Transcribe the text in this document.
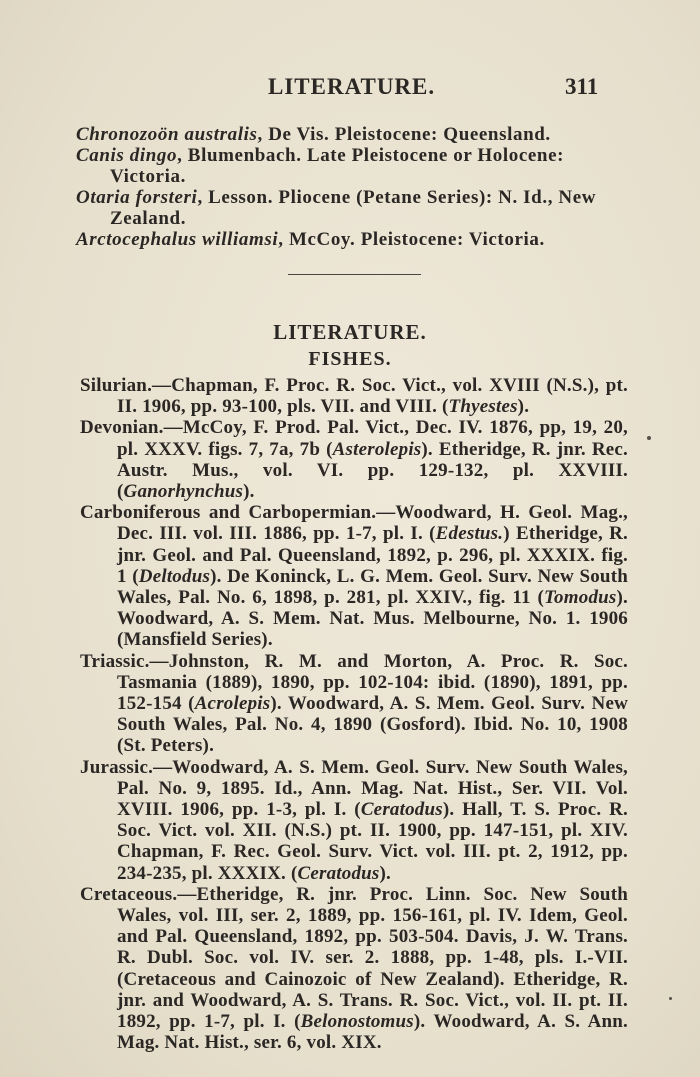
LITERATURE.	311

Chronozoön australis, De Vis. Pleistocene: Queensland.

Canis dingo, Blumenbach. Late Pleistocene or Holocene: Victoria.

Otaria forsteri, Lesson. Pliocene (Petane Series): N. Id., New Zealand.

Arctocephalus williamsi, McCoy. Pleistocene: Victoria.

LITERATURE.
FISHES.

Silurian.—Chapman, F. Proc. R. Soc. Vict., vol. XVIII (N.S.), pt. II. 1906, pp. 93-100, pls. VII. and VIII. (Thyestes).

Devonian.—McCoy, F. Prod. Pal. Vict., Dec. IV. 1876, pp, 19, 20, pl. XXXV. figs. 7, 7a, 7b (Asterolepis). Etheridge, R. jnr. Rec. Austr. Mus., vol. VI. pp. 129-132, pl. XXVIII. (Ganorhynchus).

Carboniferous and Carbopermian.—Woodward, H. Geol. Mag., Dec. III. vol. III. 1886, pp. 1-7, pl. I. (Edestus.) Etheridge, R. jnr. Geol. and Pal. Queensland, 1892, p. 296, pl. XXXIX. fig. 1 (Deltodus). De Koninck, L. G. Mem. Geol. Surv. New South Wales, Pal. No. 6, 1898, p. 281, pl. XXIV., fig. 11 (Tomodus). Woodward, A. S. Mem. Nat. Mus. Melbourne, No. 1. 1906 (Mansfield Series).

Triassic.—Johnston, R. M. and Morton, A. Proc. R. Soc. Tasmania (1889), 1890, pp. 102-104: ibid. (1890), 1891, pp. 152-154 (Acrolepis). Woodward, A. S. Mem. Geol. Surv. New South Wales, Pal. No. 4, 1890 (Gosford). Ibid. No. 10, 1908 (St. Peters).

Jurassic.—Woodward, A. S. Mem. Geol. Surv. New South Wales, Pal. No. 9, 1895. Id., Ann. Mag. Nat. Hist., Ser. VII. Vol. XVIII. 1906, pp. 1-3, pl. I. (Ceratodus). Hall, T. S. Proc. R. Soc. Vict. vol. XII. (N.S.) pt. II. 1900, pp. 147-151, pl. XIV. Chapman, F. Rec. Geol. Surv. Vict. vol. III. pt. 2, 1912, pp. 234-235, pl. XXXIX. (Ceratodus).

Cretaceous.—Etheridge, R. jnr. Proc. Linn. Soc. New South Wales, vol. III, ser. 2, 1889, pp. 156-161, pl. IV. Idem, Geol. and Pal. Queensland, 1892, pp. 503-504. Davis, J. W. Trans. R. Dubl. Soc. vol. IV. ser. 2. 1888, pp. 1-48, pls. I.-VII. (Cretaceous and Cainozoic of New Zealand). Etheridge, R. jnr. and Woodward, A. S. Trans. R. Soc. Vict., vol. II. pt. II. 1892, pp. 1-7, pl. I. (Belonostomus). Woodward, A. S. Ann. Mag. Nat. Hist., ser. 6, vol. XIX.
